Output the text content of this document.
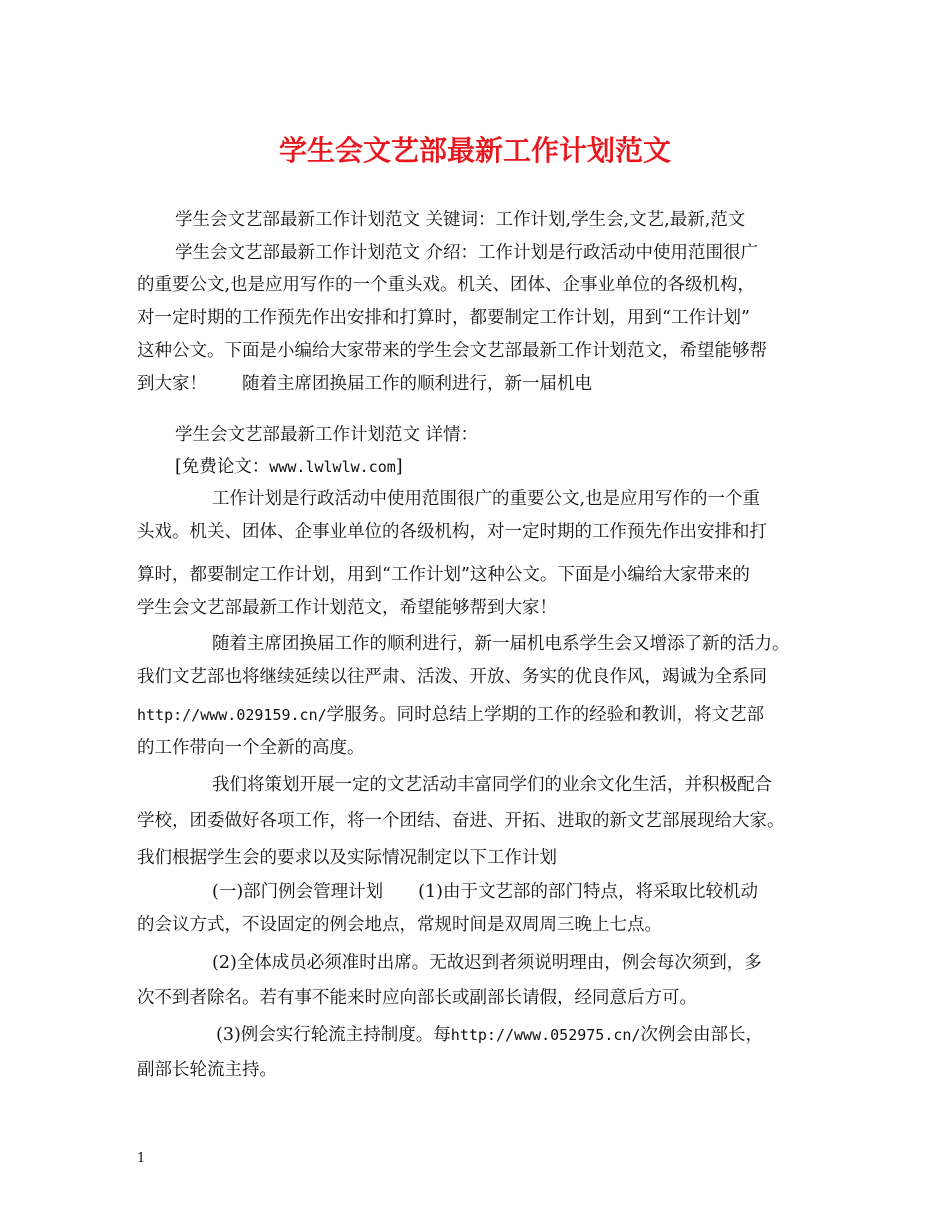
学生会文艺部最新工作计划范文
学生会文艺部最新工作计划范文 关键词：工作计划,学生会,文艺,最新,范文
学生会文艺部最新工作计划范文 介绍：工作计划是行政活动中使用范围很广
的重要公文,也是应用写作的一个重头戏。机关、团体、企事业单位的各级机构，
对一定时期的工作预先作出安排和打算时，都要制定工作计划，用到“工作计划”
这种公文。下面是小编给大家带来的学生会文艺部最新工作计划范文，希望能够帮
到大家！　　随着主席团换届工作的顺利进行，新一届机电
学生会文艺部最新工作计划范文 详情：
[免费论文：www.lwlwlw.com]
工作计划是行政活动中使用范围很广的重要公文,也是应用写作的一个重
头戏。机关、团体、企事业单位的各级机构，对一定时期的工作预先作出安排和打
算时，都要制定工作计划，用到“工作计划”这种公文。下面是小编给大家带来的
学生会文艺部最新工作计划范文，希望能够帮到大家！
随着主席团换届工作的顺利进行，新一届机电系学生会又增添了新的活力。
我们文艺部也将继续延续以往严肃、活泼、开放、务实的优良作风，竭诚为全系同
http://www.029159.cn/学服务。同时总结上学期的工作的经验和教训，将文艺部
的工作带向一个全新的高度。
我们将策划开展一定的文艺活动丰富同学们的业余文化生活，并积极配合
学校，团委做好各项工作，将一个团结、奋进、开拓、进取的新文艺部展现给大家。
我们根据学生会的要求以及实际情况制定以下工作计划
(一)部门例会管理计划　　(1)由于文艺部的部门特点，将采取比较机动
的会议方式，不设固定的例会地点，常规时间是双周周三晚上七点。
(2)全体成员必须准时出席。无故迟到者须说明理由，例会每次须到，多
次不到者除名。若有事不能来时应向部长或副部长请假，经同意后方可。
(3)例会实行轮流主持制度。每http://www.052975.cn/次例会由部长，
副部长轮流主持。
1
